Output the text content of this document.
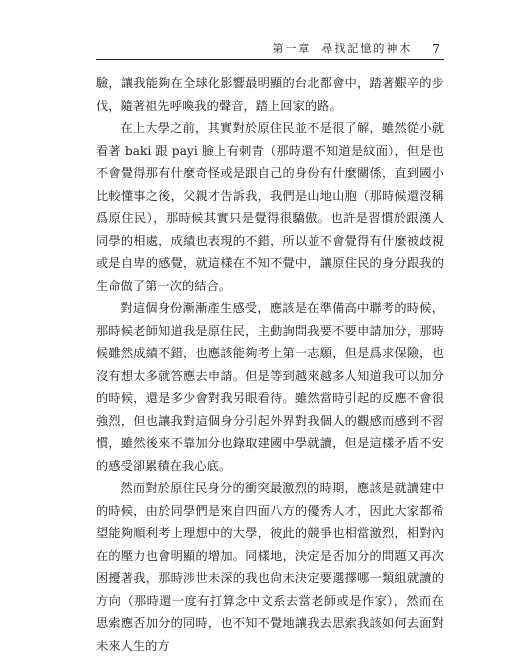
第一章 尋找記憶的神木 7

驗，讓我能夠在全球化影響最明顯的台北都會中，踏著艱辛的步伐，隨著祖先呼喚我的聲音，踏上回家的路。

在上大學之前，其實對於原住民並不是很了解，雖然從小就看著 baki 跟 payi 臉上有刺青（那時還不知道是紋面），但是也不會覺得那有什麼奇怪或是跟自己的身份有什麼關係，直到國小比較懂事之後，父親才告訴我，我們是山地山胞（那時候還沒稱爲原住民），那時候其實只是覺得很驕傲。也許是習慣於跟漢人同學的相處，成績也表現的不錯，所以並不會覺得有什麼被歧視或是自卑的感覺，就這樣在不知不覺中，讓原住民的身分跟我的生命做了第一次的結合。

對這個身份漸漸產生感受，應該是在準備高中聯考的時候，那時候老師知道我是原住民，主動詢問我要不要申請加分，那時候雖然成績不錯，也應該能夠考上第一志願，但是爲求保險，也沒有想太多就答應去申請。但是等到越來越多人知道我可以加分的時候，還是多少會對我另眼看待。雖然當時引起的反應不會很強烈，但也讓我對這個身分引起外界對我個人的觀感而感到不習慣，雖然後來不靠加分也錄取建國中學就讀，但是這樣矛盾不安的感受卻累積在我心底。

然而對於原住民身分的衝突最激烈的時期，應該是就讀建中的時候，由於同學們是來自四面八方的優秀人才，因此大家都希望能夠順利考上理想中的大學，彼此的競爭也相當激烈，相對內在的壓力也會明顯的增加。同樣地，決定是否加分的問題又再次困擾著我，那時涉世未深的我也尙未決定要選擇哪一類組就讀的方向（那時還一度有打算念中文系去當老師或是作家），然而在思索應否加分的同時，也不知不覺地讓我去思索我該如何去面對未來人生的方
